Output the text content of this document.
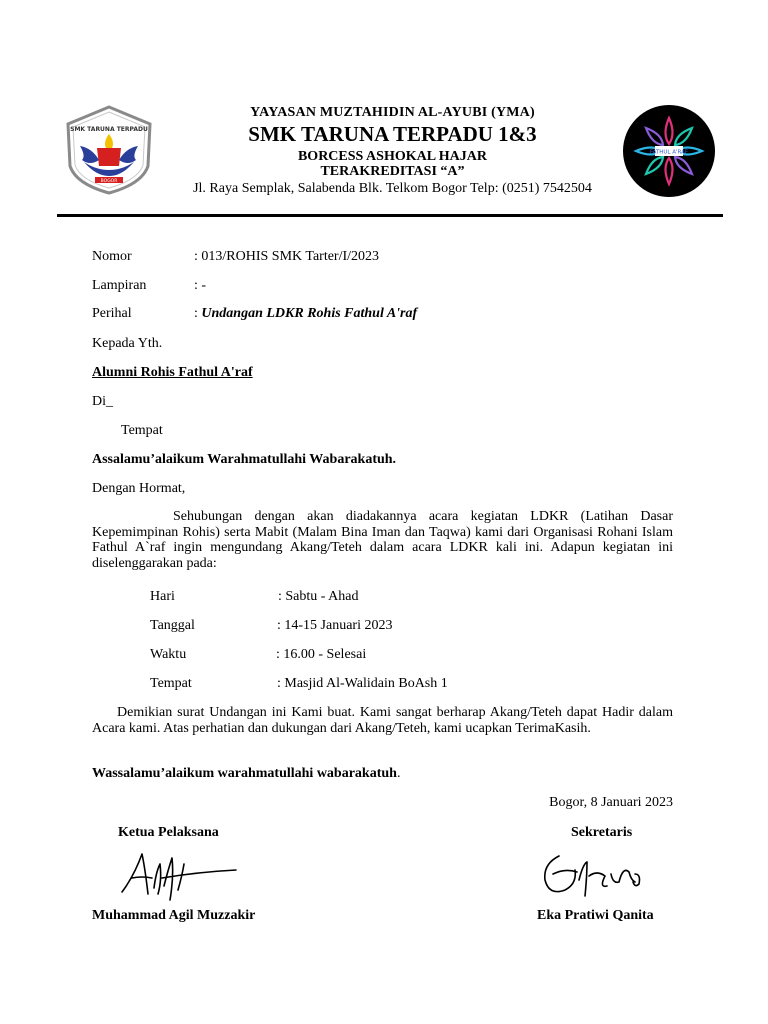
SMK TARUNA TERPADU
BOGOR
FATHUL A'RAF
YAYASAN MUZTAHIDIN AL-AYUBI (YMA)
SMK TARUNA TERPADU 1&3
BORCESS ASHOKAL HAJAR
TERAKREDITASI “A”
Jl. Raya Semplak, Salabenda Blk. Telkom Bogor Telp: (0251) 7542504
Nomor	: 013/ROHIS SMK Tarter/I/2023
Lampiran	: -
Perihal	: Undangan LDKR Rohis Fathul A'raf
Kepada Yth.
Alumni Rohis Fathul A'raf
Di_
Tempat
Assalamu’alaikum Warahmatullahi Wabarakatuh.
Dengan Hormat,
Sehubungan dengan akan diadakannya acara kegiatan LDKR (Latihan Dasar Kepemimpinan Rohis) serta Mabit (Malam Bina Iman dan Taqwa) kami dari Organisasi Rohani Islam Fathul A`raf ingin mengundang Akang/Teteh dalam acara LDKR kali ini. Adapun kegiatan ini diselenggarakan pada:
Hari	: Sabtu - Ahad
Tanggal	: 14-15 Januari 2023
Waktu	: 16.00 - Selesai
Tempat	: Masjid Al-Walidain BoAsh 1
Demikian surat Undangan ini Kami buat. Kami sangat berharap Akang/Teteh dapat Hadir dalam Acara kami. Atas perhatian dan dukungan dari Akang/Teteh, kami ucapkan TerimaKasih.
Wassalamu’alaikum warahmatullahi wabarakatuh.
Bogor, 8 Januari 2023
Ketua Pelaksana	Sekretaris
Muhammad Agil Muzzakir	Eka Pratiwi Qanita
